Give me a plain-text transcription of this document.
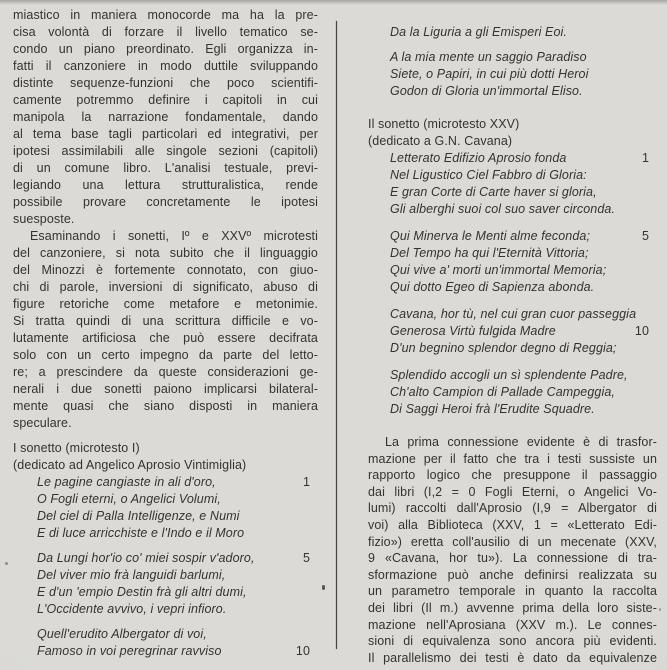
miastico in maniera monocorde ma ha la pre-
cisa volontà di forzare il livello tematico se-
condo un piano preordinato. Egli organizza in-
fatti il canzoniere in modo duttile sviluppando
distinte sequenze-funzioni che poco scientifi-
camente potremmo definire i capitoli in cui
manipola la narrazione fondamentale, dando
al tema base tagli particolari ed integrativi, per
ipotesi assimilabili alle singole sezioni (capitoli)
di un comune libro. L'analisi testuale, previ-
legiando una lettura strutturalistica, rende
possibile provare concretamente le ipotesi
suesposte.
Esaminando i sonetti, Iº e XXVº microtesti
del canzoniere, si nota subito che il linguaggio
del Minozzi è fortemente connotato, con giuo-
chi di parole, inversioni di significato, abuso di
figure retoriche come metafore e metonimie.
Si tratta quindi di una scrittura difficile e vo-
lutamente artificiosa che può essere decifrata
solo con un certo impegno da parte del letto-
re; a prescindere da queste considerazioni ge-
nerali i due sonetti paiono implicarsi bilateral-
mente quasi che siano disposti in maniera
speculare.
I sonetto (microtesto I)
(dedicato ad Angelico Aprosio Vintimiglia)
Le pagine cangiaste in ali d'oro,	1
O Fogli eterni, o Angelici Volumi,
Del ciel di Palla Intelligenze, e Numi
E di luce arricchiste e l'Indo e il Moro
Da Lungi hor'io co' miei sospir v'adoro,	5
Del viver mio frà languidi barlumi,
E d'un 'empio Destin frà gli altri dumi,
L'Occidente avvivo, i vepri infioro.
Quell'erudito Albergator di voi,
Famoso in voi peregrinar ravviso	10
Da la Liguria a gli Emisperi Eoi.
A la mia mente un saggio Paradiso
Siete, o Papiri, in cui più dotti Heroi
Godon di Gloria un'immortal Eliso.
Il sonetto (microtesto XXV)
(dedicato a G.N. Cavana)
Letterato Edifizio Aprosio fonda	1
Nel Ligustico Ciel Fabbro di Gloria:
E gran Corte di Carte haver si gloria,
Gli alberghi suoi col suo saver circonda.
Qui Minerva le Menti alme feconda;	5
Del Tempo ha qui l'Eternità Vittoria;
Qui vive a' morti un'immortal Memoria;
Qui dotto Egeo di Sapienza abonda.
Cavana, hor tù, nel cui gran cuor passeggia
Generosa Virtù fulgida Madre	10
D'un begnino splendor degno di Reggia;
Splendido accogli un sì splendente Padre,
Ch'alto Campion di Pallade Campeggia,
Di Saggi Heroi frà l'Erudite Squadre.
La prima connessione evidente è di trasfor-
mazione per il fatto che tra i testi sussiste un
rapporto logico che presuppone il passaggio
dai libri (I,2 = 0 Fogli Eterni, o Angelici Vo-
lumi) raccolti dall'Aprosio (I,9 = Albergator di
voi) alla Biblioteca (XXV, 1 = «Letterato Edi-
fizio») eretta coll'ausilio di un mecenate (XXV,
9 «Cavana, hor tu»). La connessione di tra-
sformazione può anche definirsi realizzata su
un parametro temporale in quanto la raccolta
dei libri (Il m.) avvenne prima della loro siste-
mazione nell'Aprosiana (XXV m.). Le connes-
sioni di equivalenza sono ancora più evidenti.
Il parallelismo dei testi è dato da equivalenze
